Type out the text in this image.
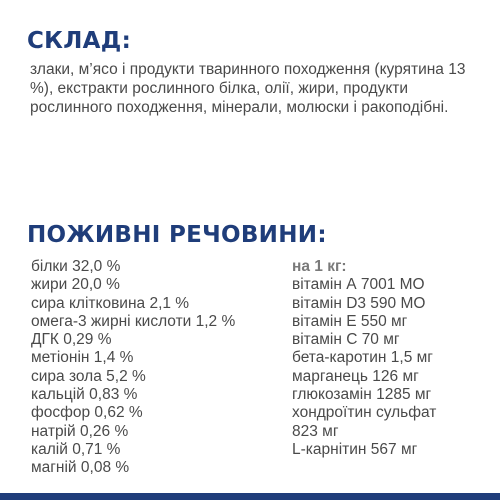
СКЛАД:

злаки, м’ясо і продукти тваринного походження (курятина 13 %), екстракти рослинного білка, олії, жири, продукти рослинного походження, мінерали, молюски і ракоподібні.

ПОЖИВНІ РЕЧОВИНИ:
білки 32,0 %
жири 20,0 %
сира клітковина 2,1 %
омега-3 жирні кислоти 1,2 %
ДГК 0,29 %
метіонін 1,4 %
сира зола 5,2 %
кальцій 0,83 %
фосфор 0,62 %
натрій 0,26 %
калій 0,71 %
магній 0,08 %
на 1 кг:
вітамін А 7001 МО
вітамін D3 590 МО
вітамін Е 550 мг
вітамін С 70 мг
бета-каротин 1,5 мг
марганець 126 мг
глюкозамін 1285 мг
хондроїтин сульфат
823 мг
L-карнітин 567 мг
